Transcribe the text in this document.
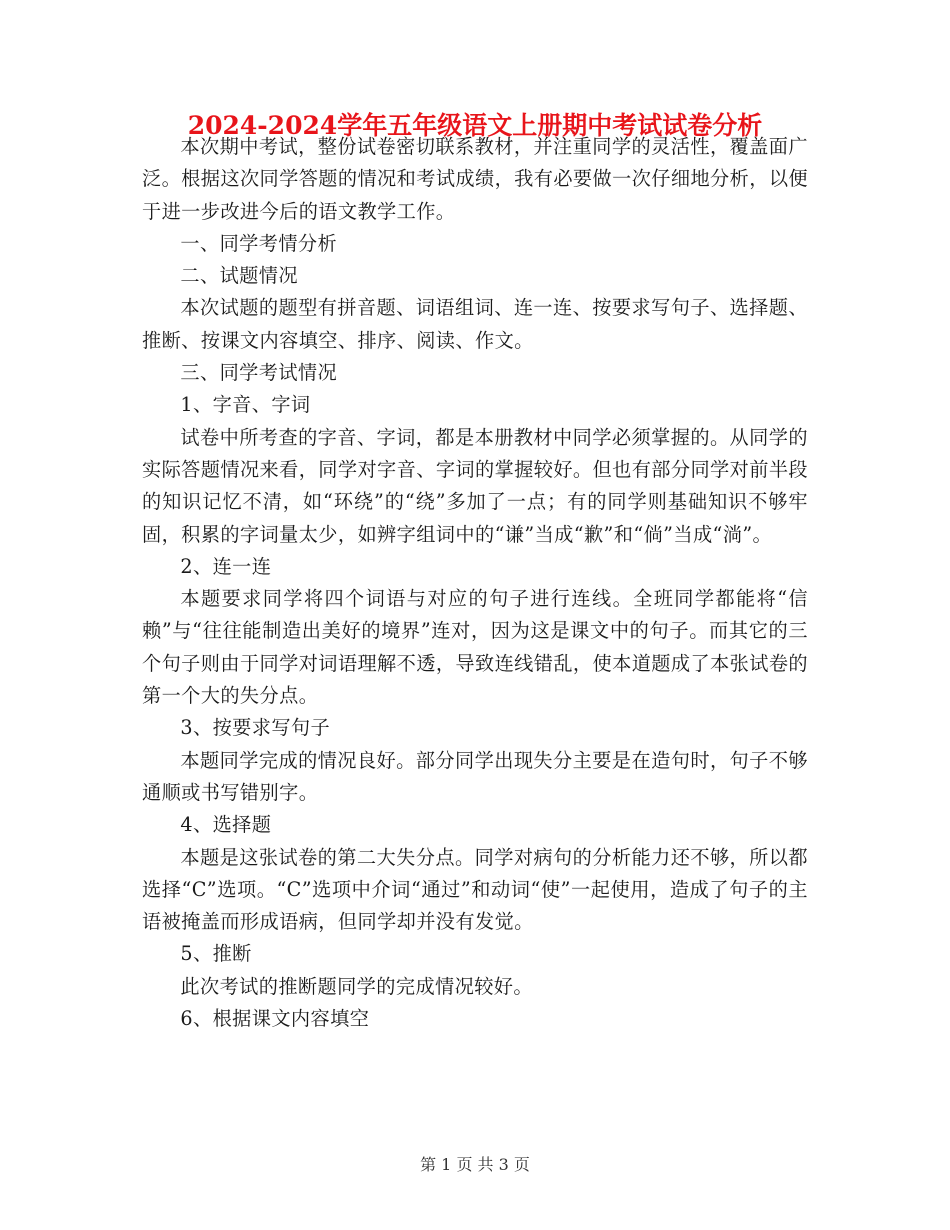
2024-2024学年五年级语文上册期中考试试卷分析

本次期中考试，整份试卷密切联系教材，并注重同学的灵活性，覆盖面广泛。根据这次同学答题的情况和考试成绩，我有必要做一次仔细地分析，以便于进一步改进今后的语文教学工作。

一、同学考情分析

二、试题情况

本次试题的题型有拼音题、词语组词、连一连、按要求写句子、选择题、推断、按课文内容填空、排序、阅读、作文。

三、同学考试情况

1、字音、字词

试卷中所考查的字音、字词，都是本册教材中同学必须掌握的。从同学的实际答题情况来看，同学对字音、字词的掌握较好。但也有部分同学对前半段的知识记忆不清，如“环绕”的“绕”多加了一点；有的同学则基础知识不够牢固，积累的字词量太少，如辨字组词中的“谦”当成“歉”和“倘”当成“淌”。

2、连一连

本题要求同学将四个词语与对应的句子进行连线。全班同学都能将“信赖”与“往往能制造出美好的境界”连对，因为这是课文中的句子。而其它的三个句子则由于同学对词语理解不透，导致连线错乱，使本道题成了本张试卷的第一个大的失分点。

3、按要求写句子

本题同学完成的情况良好。部分同学出现失分主要是在造句时，句子不够通顺或书写错别字。

4、选择题

本题是这张试卷的第二大失分点。同学对病句的分析能力还不够，所以都选择“C”选项。“C”选项中介词“通过”和动词“使”一起使用，造成了句子的主语被掩盖而形成语病，但同学却并没有发觉。

5、推断

此次考试的推断题同学的完成情况较好。

6、根据课文内容填空

第 1 页 共 3 页
